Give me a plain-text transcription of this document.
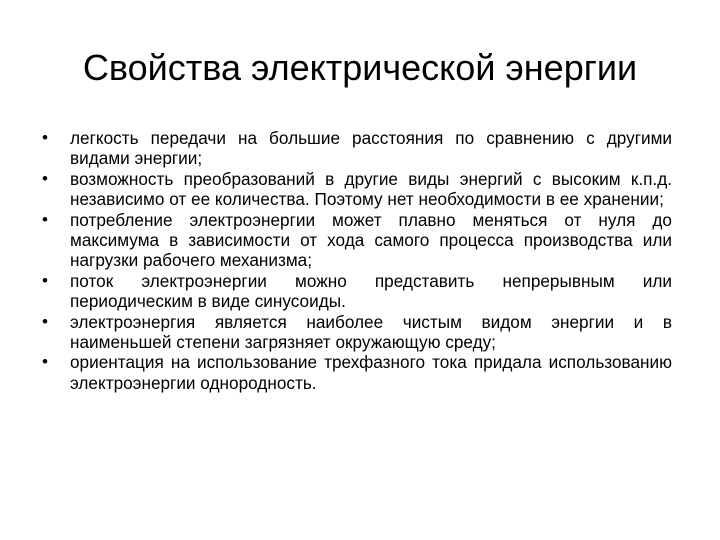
Свойства электрической энергии
•	легкость передачи на большие расстояния по сравнению с другими видами энергии;
•	возможность преобразований в другие виды энергий с высоким к.п.д. независимо от ее количества. Поэтому нет необходимости в ее хранении;
•	потребление электроэнергии может плавно меняться от нуля до максимума в зависимости от хода самого процесса производства или нагрузки рабочего механизма;
•	поток электроэнергии можно представить непрерывным или периодическим в виде синусоиды.
•	электроэнергия является наиболее чистым видом энергии и в наименьшей степени загрязняет окружающую среду;
•	ориентация на использование трехфазного тока придала использованию электроэнергии однородность.
